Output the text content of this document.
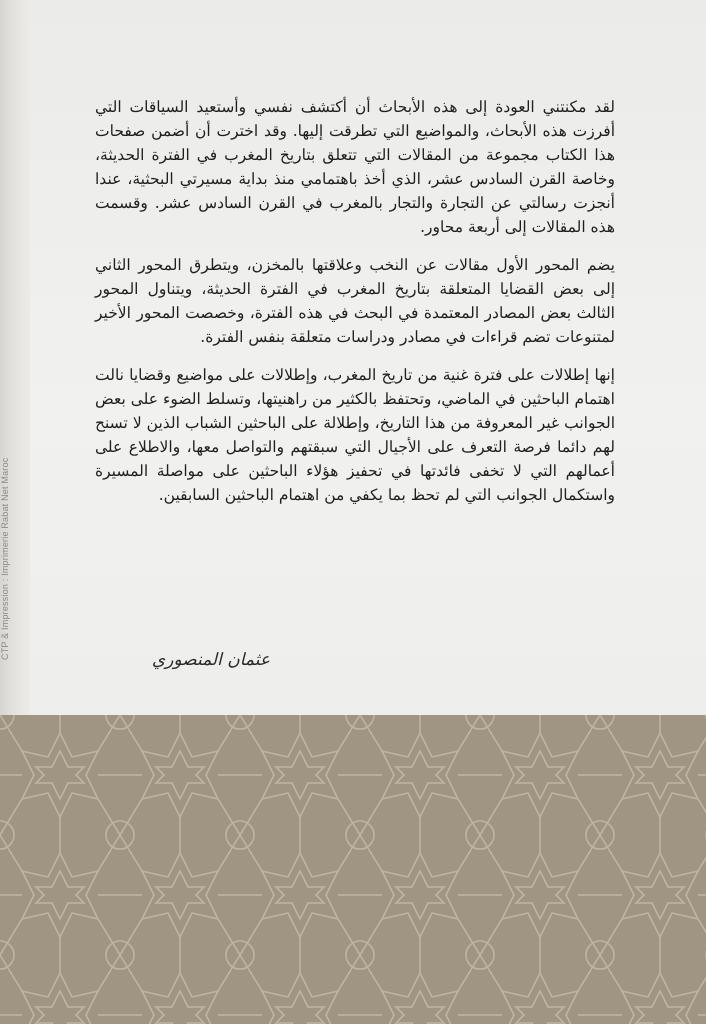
CTP & Impression : Imprimerie Rabat Net Maroc

لقد مكنتني العودة إلى هذه الأبحاث أن أكتشف نفسي وأستعيد السياقات التي أفرزت هذه الأبحاث، والمواضيع التي تطرقت إليها. وقد اخترت أن أضمن صفحات هذا الكتاب مجموعة من المقالات التي تتعلق بتاريخ المغرب في الفترة الحديثة، وخاصة القرن السادس عشر، الذي أخذ باهتمامي منذ بداية مسيرتي البحثية، عندا أنجزت رسالتي عن التجارة والتجار بالمغرب في القرن السادس عشر. وقسمت هذه المقالات إلى أربعة محاور.

يضم المحور الأول مقالات عن النخب وعلاقتها بالمخزن، ويتطرق المحور الثاني إلى بعض القضايا المتعلقة بتاريخ المغرب في الفترة الحديثة، ويتناول المحور الثالث بعض المصادر المعتمدة في البحث في هذه الفترة، وخصصت المحور الأخير لمتنوعات تضم قراءات في مصادر ودراسات متعلقة بنفس الفترة.

إنها إطلالات على فترة غنية من تاريخ المغرب، وإطلالات على مواضيع وقضايا نالت اهتمام الباحثين في الماضي، وتحتفظ بالكثير من راهنيتها، وتسلط الضوء على بعض الجوانب غير المعروفة من هذا التاريخ، وإطلالة على الباحثين الشباب الذين لا تسنح لهم دائما فرصة التعرف على الأجيال التي سبقتهم والتواصل معها، والاطلاع على أعمالهم التي لا تخفى فائدتها في تحفيز هؤلاء الباحثين على مواصلة المسيرة واستكمال الجوانب التي لم تحظ بما يكفي من اهتمام الباحثين السابقين.

عثمان المنصوري
